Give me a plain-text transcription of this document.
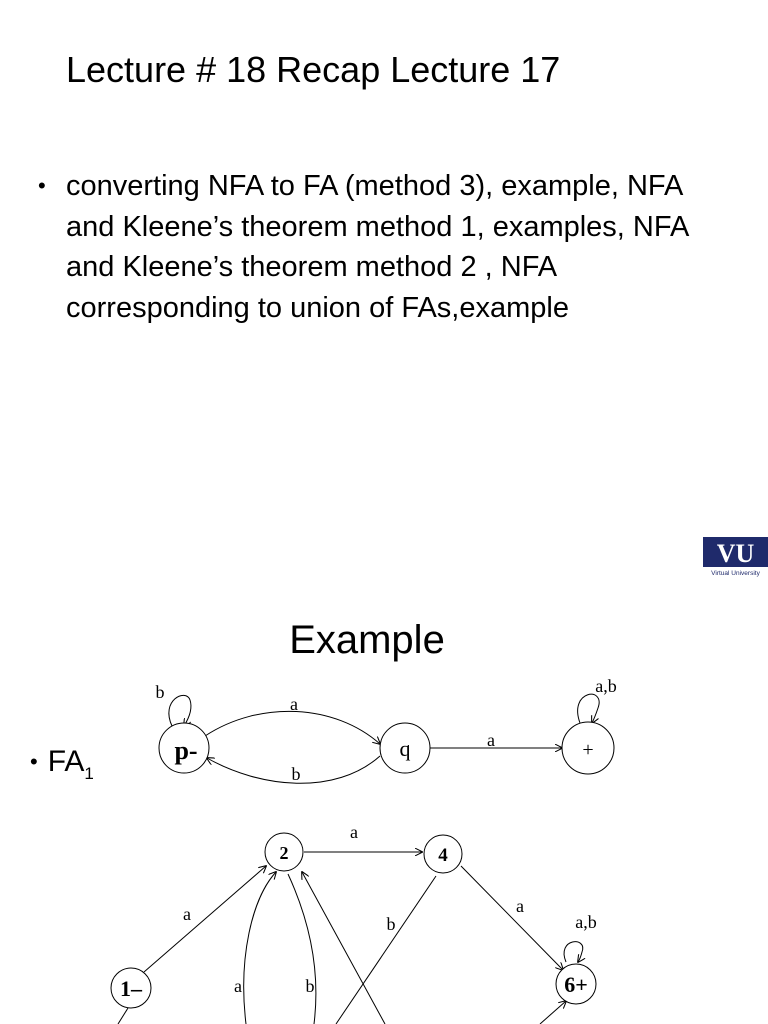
Lecture # 18 Recap Lecture 17
• converting NFA to FA (method 3), example, NFA and Kleene’s theorem method 1, examples, NFA and Kleene’s theorem method 2 , NFA corresponding to union of FAs,example
VU
Virtual University
Example
• $FA_1$
p-	q	+
b
a
b
a
a,b
2	4
1–	6+
a
a
b
a	a,b
a	b
